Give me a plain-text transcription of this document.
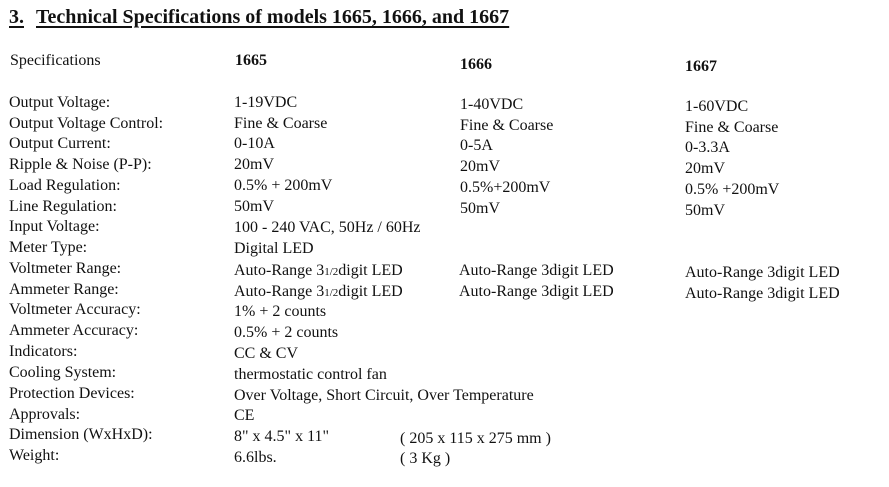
3. Technical Specifications of models 1665, 1666, and 1667
Specifications	1665	1666	1667
Output Voltage:	1-19VDC	1-40VDC	1-60VDC
Output Voltage Control:	Fine & Coarse	Fine & Coarse	Fine & Coarse
Output Current:	0-10A	0-5A	0-3.3A
Ripple & Noise (P-P):	20mV	20mV	20mV
Load Regulation:	0.5% + 200mV	0.5%+200mV	0.5% +200mV
Line Regulation:	50mV	50mV	50mV
Input Voltage:	100 - 240 VAC, 50Hz / 60Hz
Meter Type:	Digital LED
Voltmeter Range:	Auto-Range 31/2digit LED	Auto-Range 3digit LED	Auto-Range 3digit LED
Ammeter Range:	Auto-Range 31/2digit LED	Auto-Range 3digit LED	Auto-Range 3digit LED
Voltmeter Accuracy:	1% + 2 counts
Ammeter Accuracy:	0.5% + 2 counts
Indicators:	CC & CV
Cooling System:	thermostatic control fan
Protection Devices:	Over Voltage, Short Circuit, Over Temperature
Approvals:	CE
Dimension (WxHxD):	8" x 4.5" x 11"	( 205 x 115 x 275 mm )
Weight:	6.6lbs.	( 3 Kg )
